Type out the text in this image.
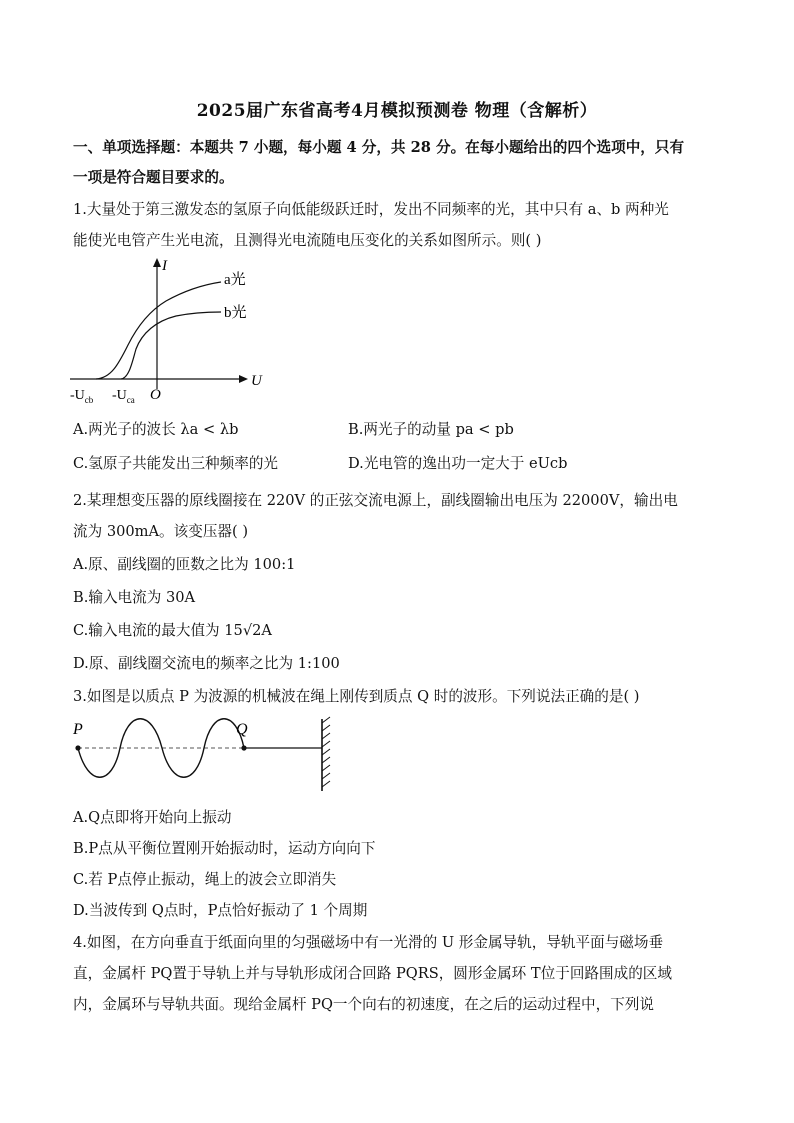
2025届广东省高考4月模拟预测卷 物理（含解析）
一、单项选择题：本题共 7 小题，每小题 4 分，共 28 分。在每小题给出的四个选项中，只有
一项是符合题目要求的。
1.大量处于第三激发态的氢原子向低能级跃迁时，发出不同频率的光，其中只有 a、b 两种光
能使光电管产生光电流，且测得光电流随电压变化的关系如图所示。则( )
I
U
O
a光
b光
$-U_{cb}$ $-U_{ca}$
A.两光子的波长 λa < λb	B.两光子的动量 pa < pb
C.氢原子共能发出三种频率的光	D.光电管的逸出功一定大于 eUcb
2.某理想变压器的原线圈接在 220V 的正弦交流电源上，副线圈输出电压为 22000V，输出电
流为 300mA。该变压器( )
A.原、副线圈的匝数之比为 100:1
B.输入电流为 30A
C.输入电流的最大值为 15√2A
D.原、副线圈交流电的频率之比为 1:100
3.如图是以质点 P 为波源的机械波在绳上刚传到质点 Q 时的波形。下列说法正确的是( )
P	Q
A.Q点即将开始向上振动
B.P点从平衡位置刚开始振动时，运动方向向下
C.若 P点停止振动，绳上的波会立即消失
D.当波传到 Q点时，P点恰好振动了 1 个周期
4.如图，在方向垂直于纸面向里的匀强磁场中有一光滑的 U 形金属导轨，导轨平面与磁场垂
直，金属杆 PQ置于导轨上并与导轨形成闭合回路 PQRS，圆形金属环 T位于回路围成的区域
内，金属环与导轨共面。现给金属杆 PQ一个向右的初速度，在之后的运动过程中，下列说
